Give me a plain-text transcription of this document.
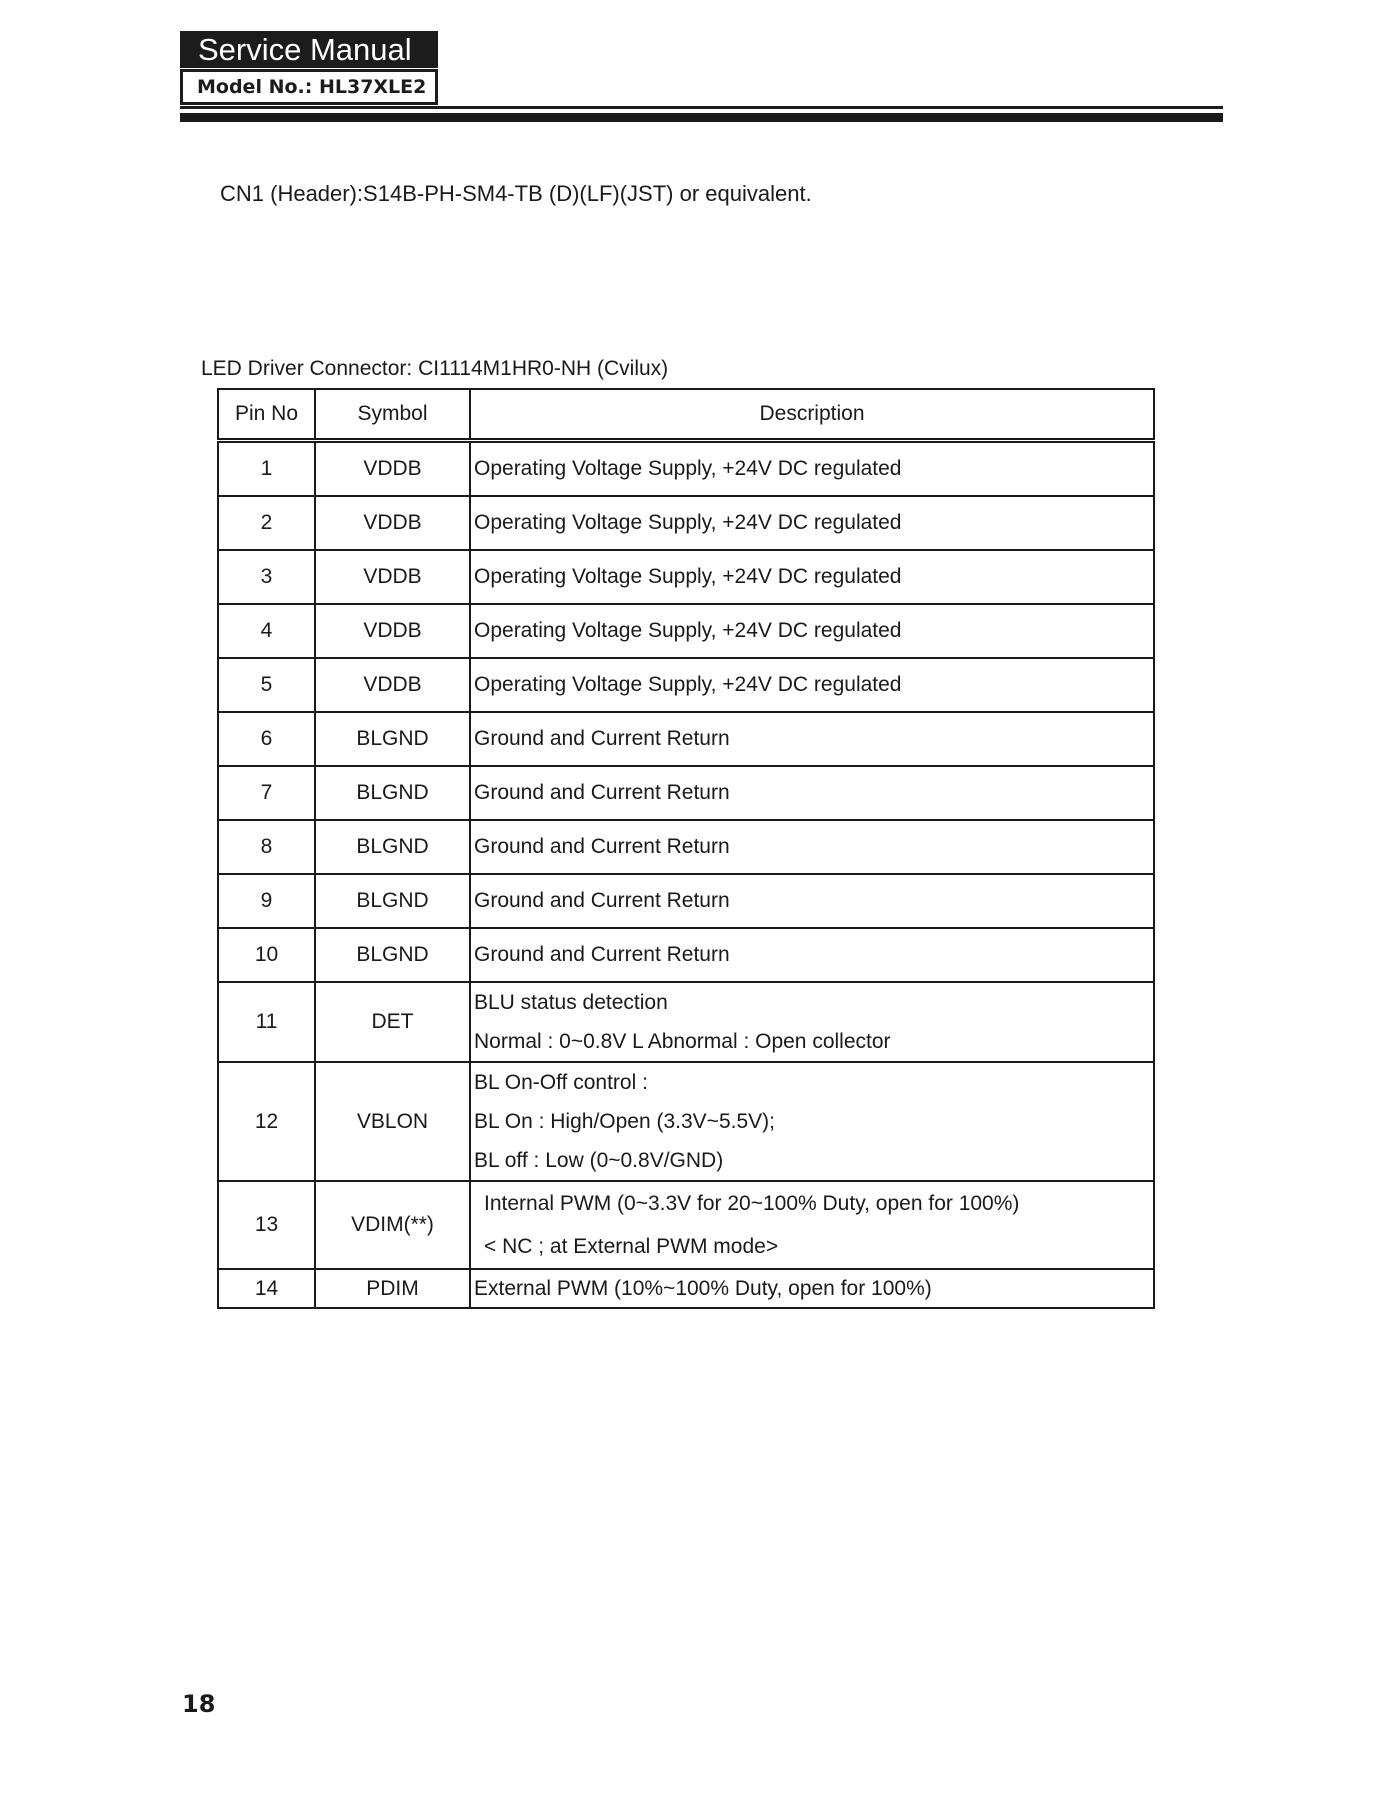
Service Manual
Model No.: HL37XLE2
CN1 (Header):S14B-PH-SM4-TB (D)(LF)(JST) or equivalent.
LED Driver Connector: CI1114M1HR0-NH (Cvilux)
Pin No	Symbol	Description
1	VDDB	Operating Voltage Supply, +24V DC regulated
2	VDDB	Operating Voltage Supply, +24V DC regulated
3	VDDB	Operating Voltage Supply, +24V DC regulated
4	VDDB	Operating Voltage Supply, +24V DC regulated
5	VDDB	Operating Voltage Supply, +24V DC regulated
6	BLGND	Ground and Current Return
7	BLGND	Ground and Current Return
8	BLGND	Ground and Current Return
9	BLGND	Ground and Current Return
10	BLGND	Ground and Current Return
11	DET	BLU status detection
Normal : 0~0.8V L Abnormal : Open collector

12	VBLON	BL On-Off control :
BL On : High/Open (3.3V~5.5V);
BL off : Low (0~0.8V/GND)

13	VDIM(**)	Internal PWM (0~3.3V for 20~100% Duty, open for 100%)
< NC ; at External PWM mode>

14	PDIM	External PWM (10%~100% Duty, open for 100%)
18
